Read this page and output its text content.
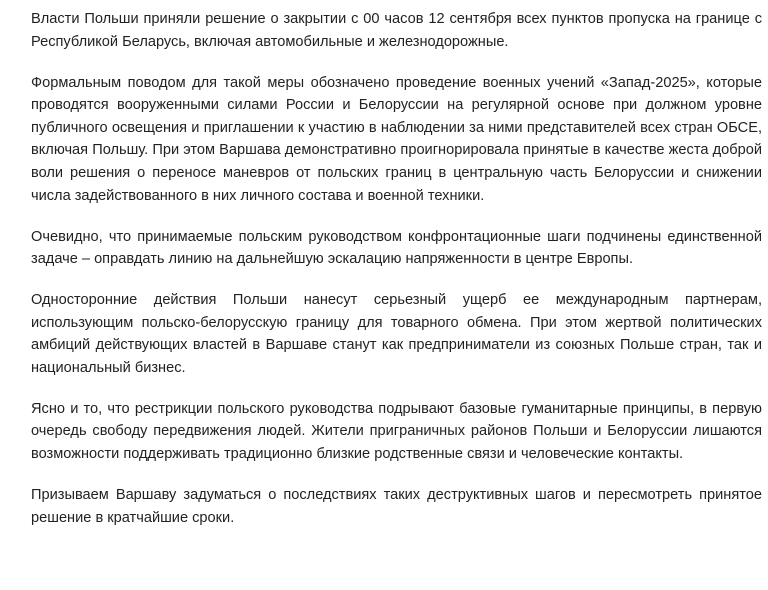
Власти Польши приняли решение о закрытии с 00 часов 12 сентября всех пунктов пропуска на границе с Республикой Беларусь, включая автомобильные и железнодорожные.

Формальным поводом для такой меры обозначено проведение военных учений «Запад-2025», которые проводятся вооруженными силами России и Белоруссии на регулярной основе при должном уровне публичного освещения и приглашении к участию в наблюдении за ними представителей всех стран ОБСЕ, включая Польшу. При этом Варшава демонстративно проигнорировала принятые в качестве жеста доброй воли решения о переносе маневров от польских границ в центральную часть Белоруссии и снижении числа задействованного в них личного состава и военной техники.

Очевидно, что принимаемые польским руководством конфронтационные шаги подчинены единственной задаче – оправдать линию на дальнейшую эскалацию напряженности в центре Европы.

Односторонние действия Польши нанесут серьезный ущерб ее международным партнерам, использующим польско-белорусскую границу для товарного обмена. При этом жертвой политических амбиций действующих властей в Варшаве станут как предприниматели из союзных Польше стран, так и национальный бизнес.

Ясно и то, что рестрикции польского руководства подрывают базовые гуманитарные принципы, в первую очередь свободу передвижения людей. Жители приграничных районов Польши и Белоруссии лишаются возможности поддерживать традиционно близкие родственные связи и человеческие контакты.

Призываем Варшаву задуматься о последствиях таких деструктивных шагов и пересмотреть принятое решение в кратчайшие сроки.
